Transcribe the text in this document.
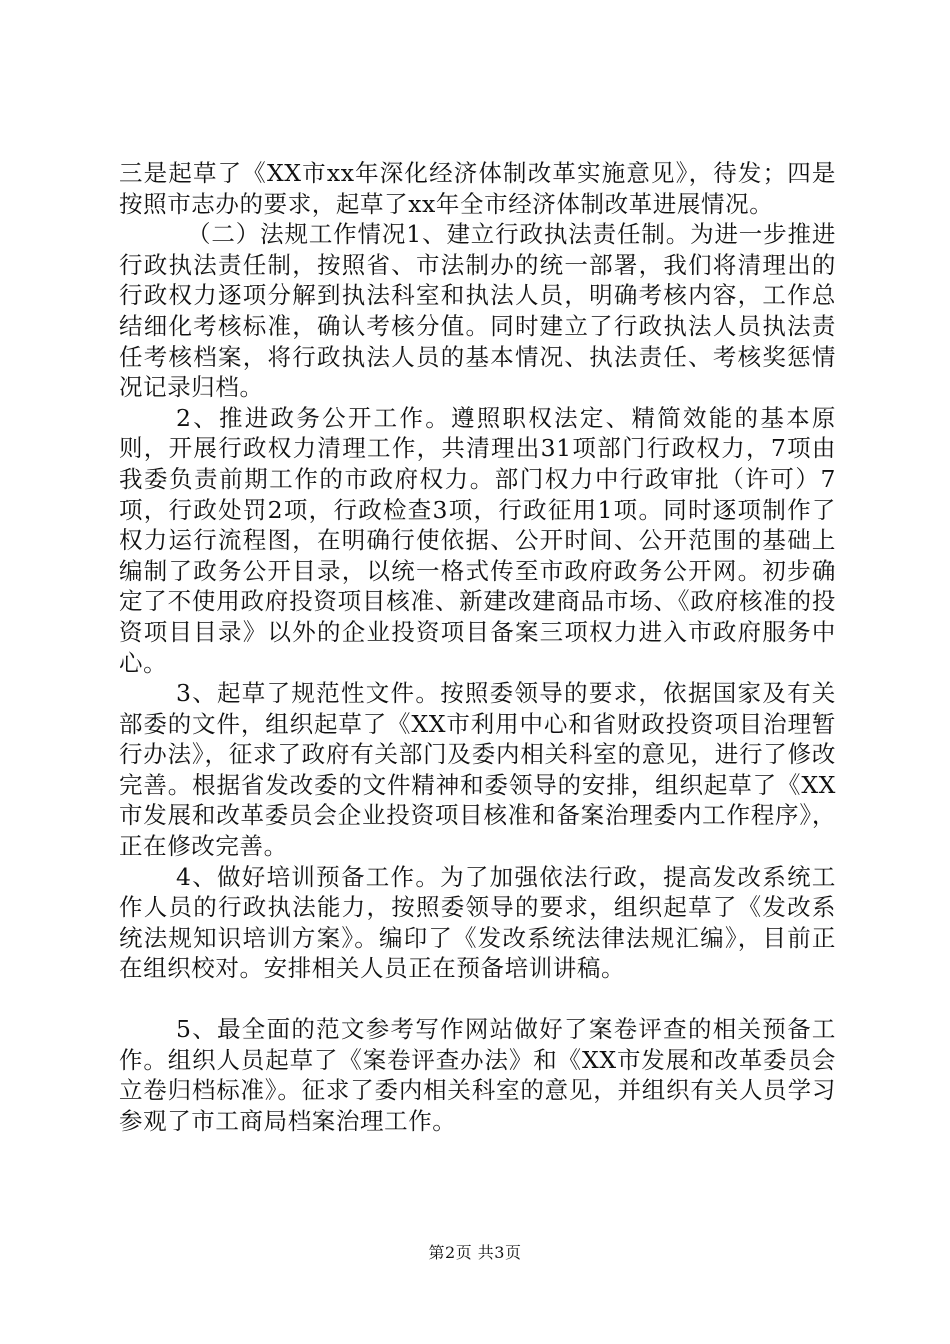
三是起草了《XX市xx年深化经济体制改革实施意见》，待发；四是按照市志办的要求，起草了xx年全市经济体制改革进展情况。

（二）法规工作情况1、建立行政执法责任制。为进一步推进行政执法责任制，按照省、市法制办的统一部署，我们将清理出的行政权力逐项分解到执法科室和执法人员，明确考核内容，工作总结细化考核标准，确认考核分值。同时建立了行政执法人员执法责任考核档案，将行政执法人员的基本情况、执法责任、考核奖惩情况记录归档。

2、推进政务公开工作。遵照职权法定、精简效能的基本原则，开展行政权力清理工作，共清理出31项部门行政权力，7项由我委负责前期工作的市政府权力。部门权力中行政审批（许可）7项，行政处罚2项，行政检查3项，行政征用1项。同时逐项制作了权力运行流程图，在明确行使依据、公开时间、公开范围的基础上编制了政务公开目录，以统一格式传至市政府政务公开网。初步确定了不使用政府投资项目核准、新建改建商品市场、《政府核准的投资项目目录》以外的企业投资项目备案三项权力进入市政府服务中心。

3、起草了规范性文件。按照委领导的要求，依据国家及有关部委的文件，组织起草了《XX市利用中心和省财政投资项目治理暂行办法》，征求了政府有关部门及委内相关科室的意见，进行了修改完善。根据省发改委的文件精神和委领导的安排，组织起草了《XX市发展和改革委员会企业投资项目核准和备案治理委内工作程序》，正在修改完善。

4、做好培训预备工作。为了加强依法行政，提高发改系统工作人员的行政执法能力，按照委领导的要求，组织起草了《发改系统法规知识培训方案》。编印了《发改系统法律法规汇编》，目前正在组织校对。安排相关人员正在预备培训讲稿。

5、最全面的范文参考写作网站做好了案卷评查的相关预备工作。组织人员起草了《案卷评查办法》和《XX市发展和改革委员会立卷归档标准》。征求了委内相关科室的意见，并组织有关人员学习参观了市工商局档案治理工作。

第2页 共3页
